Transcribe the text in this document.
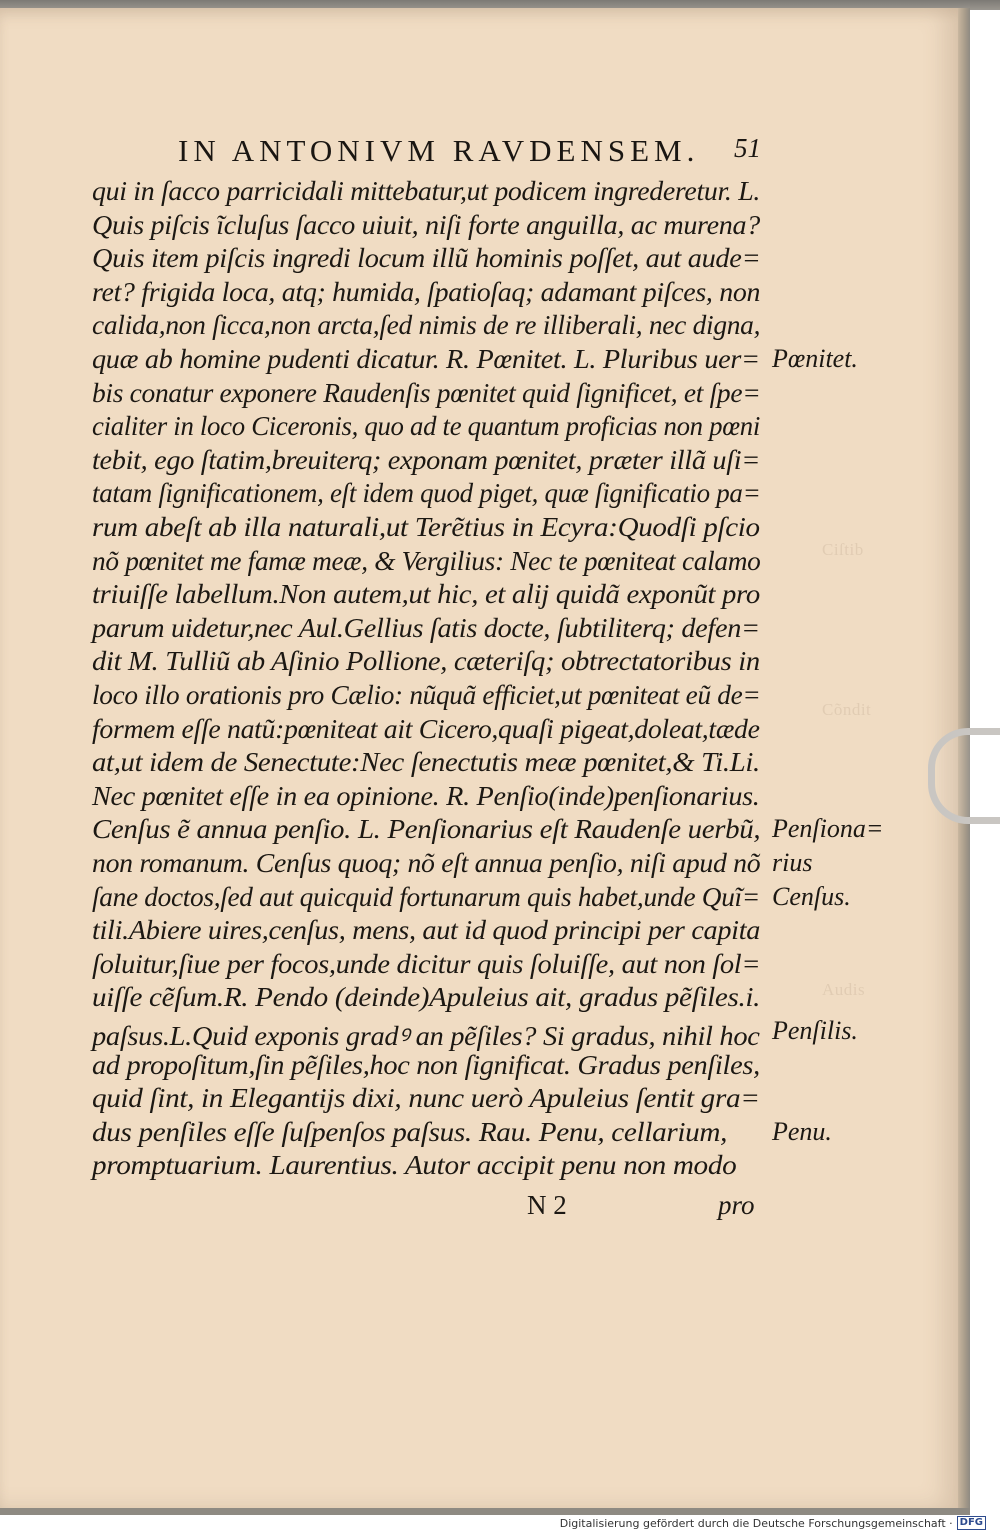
Ciſtib
Cõndit
Audis
IN ANTONIVM RAVDENSEM. 51
qui in ſacco parricidali mittebatur,ut podicem ingrederetur. L.
Quis piſcis ĩcluſus ſacco uiuit, niſi forte anguilla, ac murena?
Quis item piſcis ingredi locum illũ hominis poſſet, aut aude=
ret? frigida loca, atq; humida, ſpatioſaq; adamant piſces, non
calida,non ſicca,non arcta,ſed nimis de re illiberali, nec digna,
quæ ab homine pudenti dicatur. R. Pœnitet. L. Pluribus uer=
bis conatur exponere Raudenſis pœnitet quid ſignificet, et ſpe=
cialiter in loco Ciceronis, quo ad te quantum proficias non pœni
tebit, ego ſtatim,breuiterq; exponam pœnitet, præter illã uſi=
tatam ſignificationem, eſt idem quod piget, quæ ſignificatio pa=
rum abeſt ab illa naturali,ut Terẽtius in Ecyra:Quodſi pſcio
nõ pœnitet me famæ meæ, & Vergilius: Nec te pœniteat calamo
triuiſſe labellum.Non autem,ut hic, et alij quidã exponũt pro
parum uidetur,nec Aul.Gellius ſatis docte, ſubtiliterq; defen=
dit M. Tulliũ ab Aſinio Pollione, cæteriſq; obtrectatoribus in
loco illo orationis pro Cælio: nũquã efficiet,ut pœniteat eũ de=
formem eſſe natũ:pœniteat ait Cicero,quaſi pigeat,doleat,tæde
at,ut idem de Senectute:Nec ſenectutis meæ pœnitet,& Ti.Li.
Nec pœnitet eſſe in ea opinione. R. Penſio(inde)penſionarius.
Cenſus ẽ annua penſio. L. Penſionarius eſt Raudenſe uerbũ,
non romanum. Cenſus quoq; nõ eſt annua penſio, niſi apud nõ
ſane doctos,ſed aut quicquid fortunarum quis habet,unde Quĩ=
tili.Abiere uires,cenſus, mens, aut id quod principi per capita
ſoluitur,ſiue per focos,unde dicitur quis ſoluiſſe, aut non ſol=
uiſſe cẽſum.R. Pendo (deinde)Apuleius ait, gradus pẽſiles.i.
paſsus.L.Quid exponis gradꝰ an pẽſiles? Si gradus, nihil hoc
ad propoſitum,ſin pẽſiles,hoc non ſignificat. Gradus penſiles,
quid ſint, in Elegantijs dixi, nunc uerò Apuleius ſentit gra=
dus penſiles eſſe ſuſpenſos paſsus. Rau. Penu, cellarium,
promptuarium. Laurentius. Autor accipit penu non modo
Pœnitet.
Penſiona=
rius
Cenſus.
Penſilis.
Penu.
N 2	pro
Digitalisierung gefördert durch die Deutsche Forschungsgemeinschaft · DFG
